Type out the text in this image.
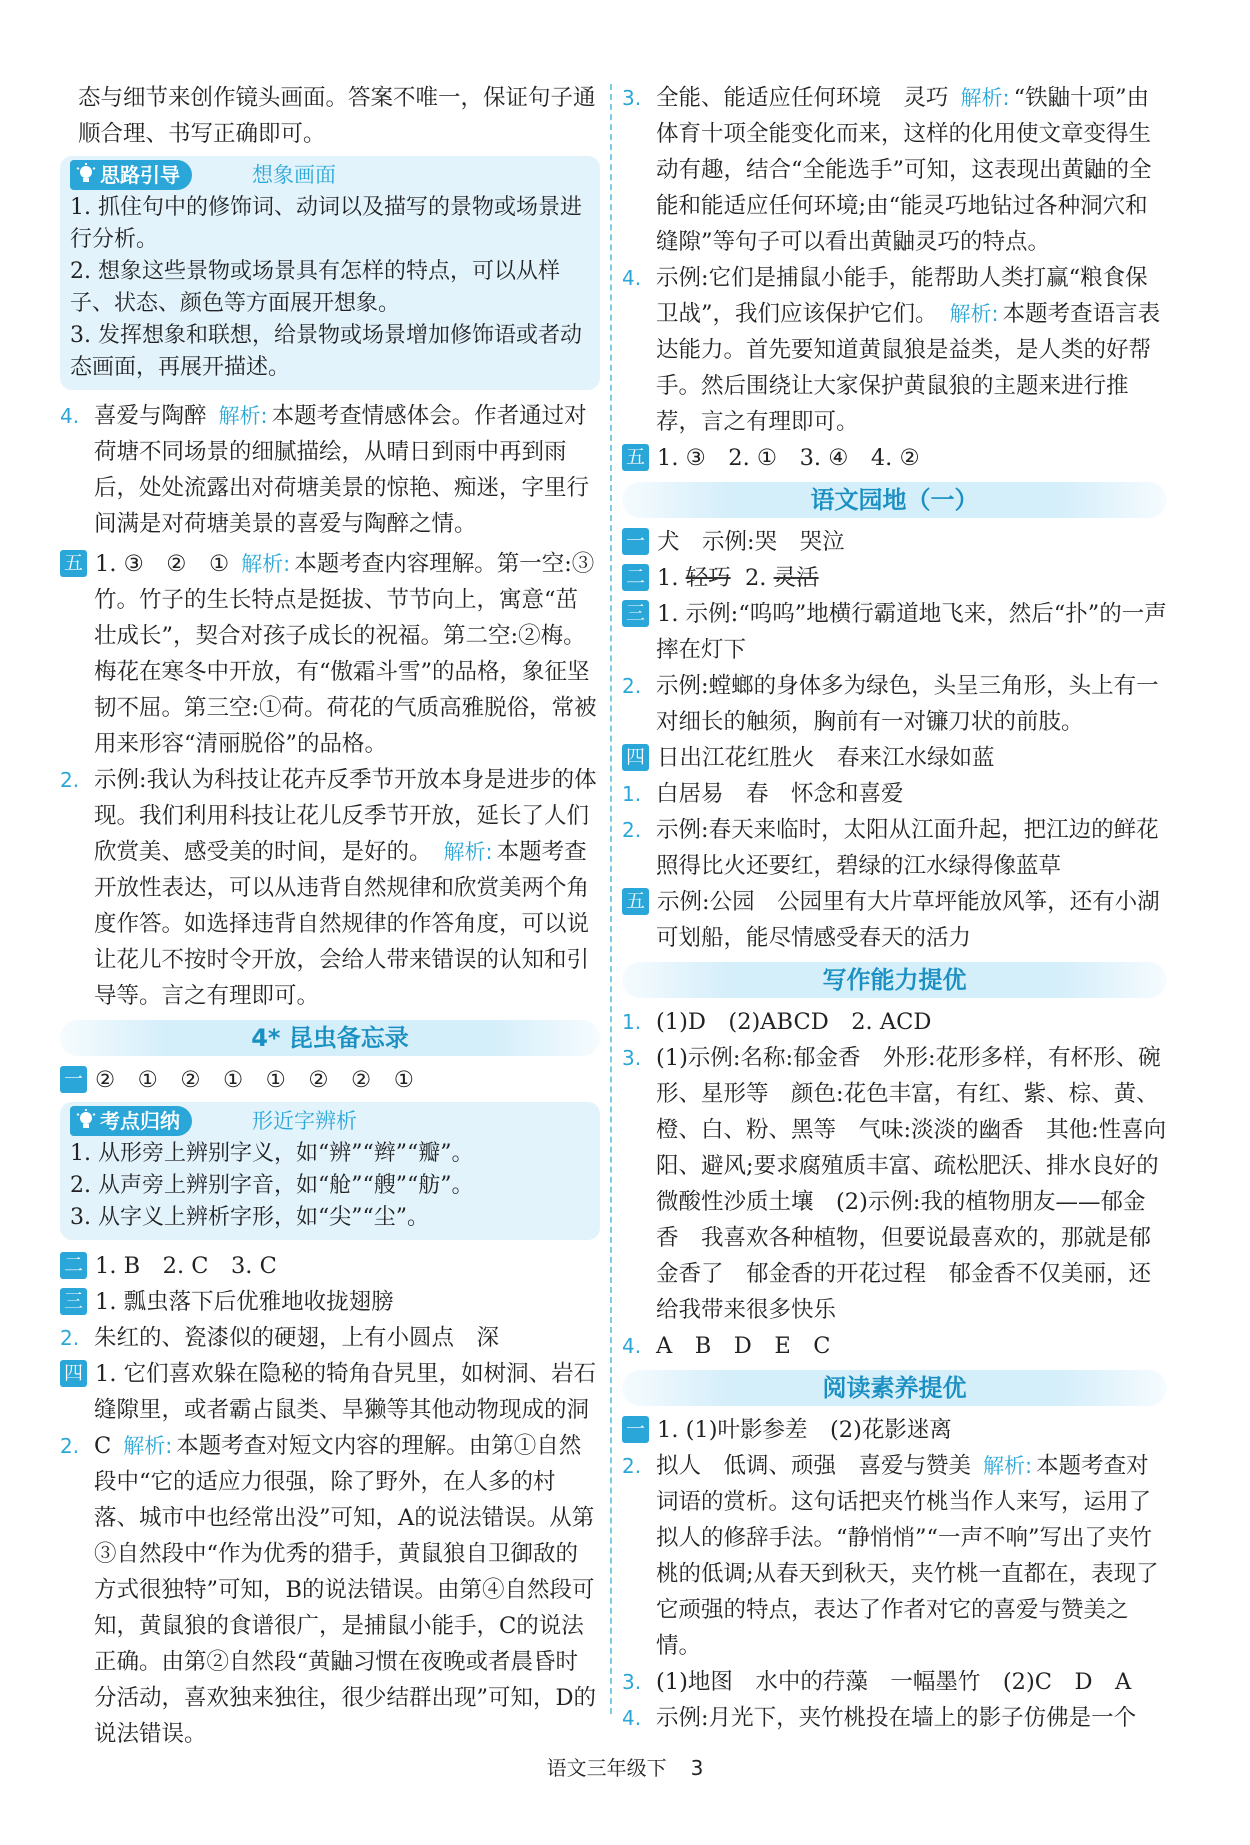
态与细节来创作镜头画面。答案不唯一，保证句子通顺合理、书写正确即可。

思路引导	想象画面

1. 抓住句中的修饰词、动词以及描写的景物或场景进行分析。

2. 想象这些景物或场景具有怎样的特点，可以从样子、状态、颜色等方面展开想象。

3. 发挥想象和联想，给景物或场景增加修饰语或者动态画面，再展开描述。

4. 喜爱与陶醉 解析: 本题考查情感体会。作者通过对荷塘不同场景的细腻描绘，从晴日到雨中再到雨后，处处流露出对荷塘美景的惊艳、痴迷，字里行间满是对荷塘美景的喜爱与陶醉之情。

五 1. ③　②　① 解析: 本题考查内容理解。第一空:③竹。竹子的生长特点是挺拔、节节向上，寓意“茁壮成长”，契合对孩子成长的祝福。第二空:②梅。梅花在寒冬中开放，有“傲霜斗雪”的品格，象征坚韧不屈。第三空:①荷。荷花的气质高雅脱俗，常被用来形容“清丽脱俗”的品格。

2. 示例:我认为科技让花卉反季节开放本身是进步的体现。我们利用科技让花儿反季节开放，延长了人们欣赏美、感受美的时间，是好的。 解析: 本题考查开放性表达，可以从违背自然规律和欣赏美两个角度作答。如选择违背自然规律的作答角度，可以说让花儿不按时令开放，会给人带来错误的认知和引导等。言之有理即可。

4* 昆虫备忘录

一 ②　①　②　①　①　②　②　①

考点归纳	形近字辨析

1. 从形旁上辨别字义，如“辨”“辫”“瓣”。

2. 从声旁上辨别字音，如“舱”“艘”“舫”。

3. 从字义上辨析字形，如“尖”“尘”。

二 1. B　2. C　3. C

三 1. 瓢虫落下后优雅地收拢翅膀

2. 朱红的、瓷漆似的硬翅，上有小圆点　深

四 1. 它们喜欢躲在隐秘的犄角旮旯里，如树洞、岩石缝隙里，或者霸占鼠类、旱獭等其他动物现成的洞

2. C 解析: 本题考查对短文内容的理解。由第①自然段中“它的适应力很强，除了野外，在人多的村落、城市中也经常出没”可知，A的说法错误。从第③自然段中“作为优秀的猎手，黄鼠狼自卫御敌的方式很独特”可知，B的说法错误。由第④自然段可知，黄鼠狼的食谱很广，是捕鼠小能手，C的说法正确。由第②自然段“黄鼬习惯在夜晚或者晨昏时分活动，喜欢独来独往，很少结群出现”可知，D的说法错误。

3. 全能、能适应任何环境　灵巧 解析: “铁鼬十项”由体育十项全能变化而来，这样的化用使文章变得生动有趣，结合“全能选手”可知，这表现出黄鼬的全能和能适应任何环境;由“能灵巧地钻过各种洞穴和缝隙”等句子可以看出黄鼬灵巧的特点。

4. 示例:它们是捕鼠小能手，能帮助人类打赢“粮食保卫战”，我们应该保护它们。 解析: 本题考查语言表达能力。首先要知道黄鼠狼是益类，是人类的好帮手。然后围绕让大家保护黄鼠狼的主题来进行推荐，言之有理即可。

五 1. ③　2. ①　3. ④　4. ②

语文园地（一）

一 犬　示例:哭　哭泣

二 1. 轻巧 2. 灵活

三 1. 示例:“呜呜”地横行霸道地飞来，然后“扑”的一声摔在灯下

2. 示例:螳螂的身体多为绿色，头呈三角形，头上有一对细长的触须，胸前有一对镰刀状的前肢。

四 日出江花红胜火　春来江水绿如蓝

1. 白居易　春　怀念和喜爱

2. 示例:春天来临时，太阳从江面升起，把江边的鲜花照得比火还要红，碧绿的江水绿得像蓝草

五 示例:公园　公园里有大片草坪能放风筝，还有小湖可划船，能尽情感受春天的活力

写作能力提优

1. (1)D　(2)ABCD　2. ACD

3. (1)示例:名称:郁金香　外形:花形多样，有杯形、碗形、星形等　颜色:花色丰富，有红、紫、棕、黄、橙、白、粉、黑等　气味:淡淡的幽香　其他:性喜向阳、避风;要求腐殖质丰富、疏松肥沃、排水良好的微酸性沙质土壤　(2)示例:我的植物朋友——郁金香　我喜欢各种植物，但要说最喜欢的，那就是郁金香了　郁金香的开花过程　郁金香不仅美丽，还给我带来很多快乐

4. A　B　D　E　C

阅读素养提优

一 1. (1)叶影参差　(2)花影迷离

2. 拟人　低调、顽强　喜爱与赞美 解析: 本题考查对词语的赏析。这句话把夹竹桃当作人来写，运用了拟人的修辞手法。“静悄悄”“一声不响”写出了夹竹桃的低调;从春天到秋天，夹竹桃一直都在，表现了它顽强的特点，表达了作者对它的喜爱与赞美之情。

3. (1)地图　水中的荇藻　一幅墨竹　(2)C　D　A

4. 示例:月光下，夹竹桃投在墙上的影子仿佛是一个

语文三年级下 3
